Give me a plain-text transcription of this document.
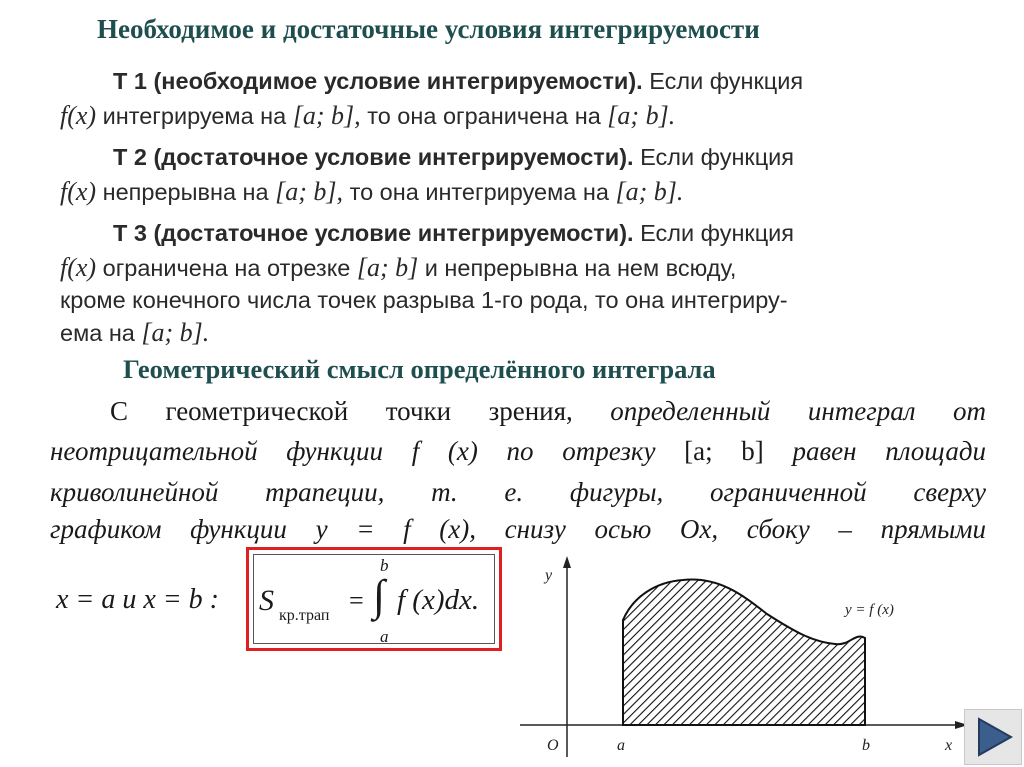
Необходимое и достаточные условия интегрируемости
Т 1 (необходимое условие интегрируемости). Если функция
f(x) интегрируема на [a; b], то она ограничена на [a; b].
Т 2 (достаточное условие интегрируемости). Если функция
f(x) непрерывна на [a; b], то она интегрируема на [a; b].
Т 3 (достаточное условие интегрируемости). Если функция
f(x) ограничена на отрезке [a; b] и непрерывна на нем всюду,
кроме конечного числа точек разрыва 1-го рода, то она интегриру-
ема на [a; b].
Геометрический смысл определённого интеграла
С геометрической точки зрения, определенный интеграл от
неотрицательной функции f (x) по отрезку [a; b] равен площади
криволинейной трапеции, т. е. фигуры, ограниченной сверху
графиком функции y = f (x), снизу осью Ох, сбоку – прямыми
x = a и x = b : S кр.трап
=
b
∫
a
f (x)dx.
y
x
O	a	b
y = f (x)
